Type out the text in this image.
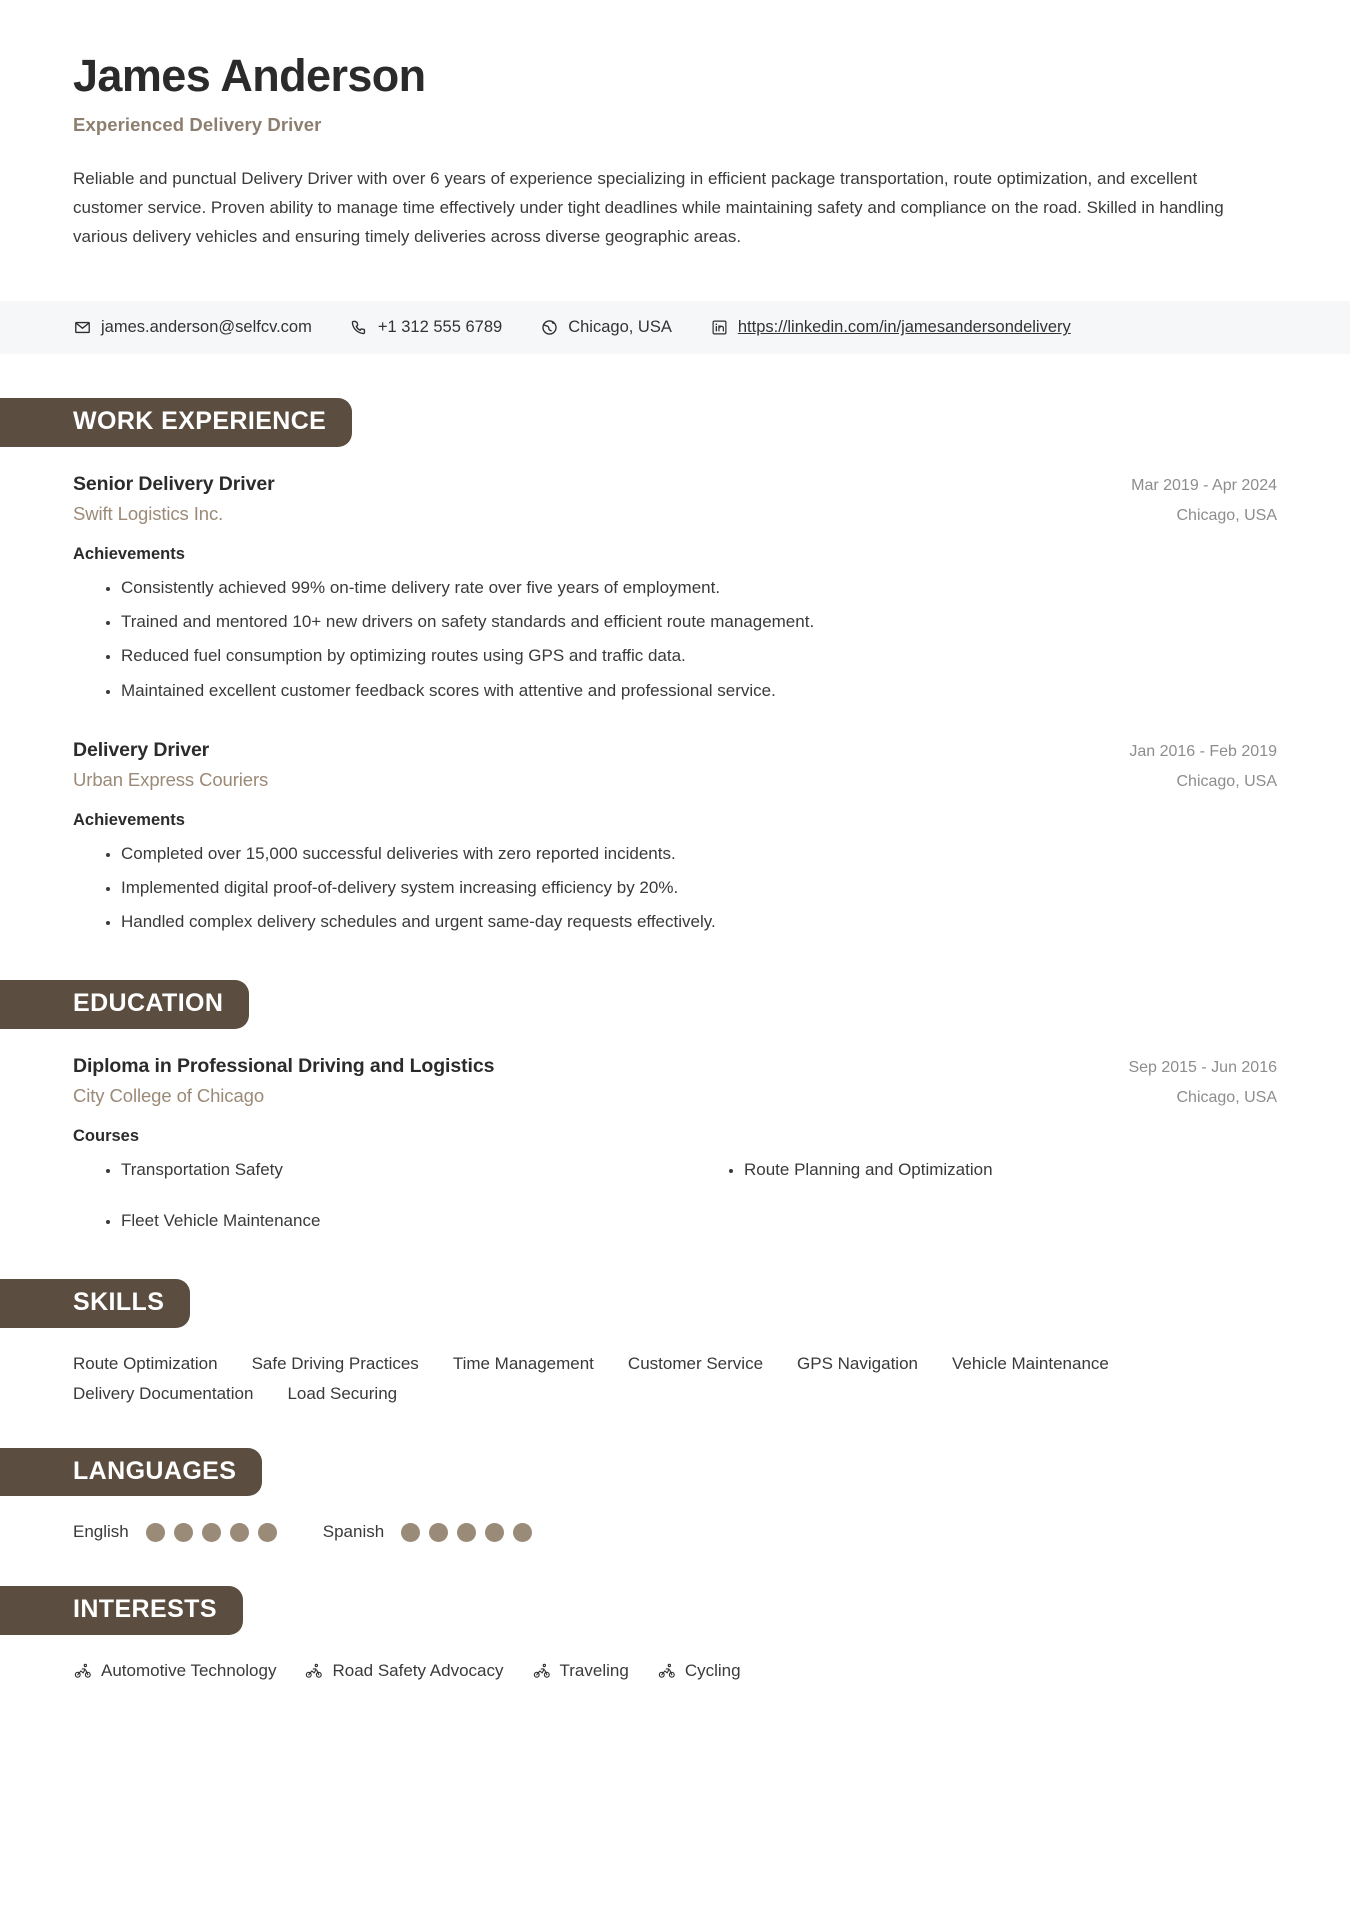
James Anderson
Experienced Delivery Driver

Reliable and punctual Delivery Driver with over 6 years of experience specializing in efficient package transportation, route optimization, and excellent customer service. Proven ability to manage time effectively under tight deadlines while maintaining safety and compliance on the road. Skilled in handling various delivery vehicles and ensuring timely deliveries across diverse geographic areas.

james.anderson@selfcv.com	+1 312 555 6789	Chicago, USA	https://linkedin.com/in/jamesandersondelivery
WORK EXPERIENCE
Senior Delivery Driver	Mar 2019 - Apr 2024
Swift Logistics Inc.	Chicago, USA
Achievements
• Consistently achieved 99% on-time delivery rate over five years of employment.
• Trained and mentored 10+ new drivers on safety standards and efficient route management.
• Reduced fuel consumption by optimizing routes using GPS and traffic data.
• Maintained excellent customer feedback scores with attentive and professional service.
Delivery Driver	Jan 2016 - Feb 2019
Urban Express Couriers	Chicago, USA
Achievements
• Completed over 15,000 successful deliveries with zero reported incidents.
• Implemented digital proof-of-delivery system increasing efficiency by 20%.
• Handled complex delivery schedules and urgent same-day requests effectively.
EDUCATION
Diploma in Professional Driving and Logistics	Sep 2015 - Jun 2016
City College of Chicago	Chicago, USA
Courses
• Transportation Safety
• Fleet Vehicle Maintenance
• Route Planning and Optimization
SKILLS
Route Optimization Safe Driving Practices Time Management Customer Service GPS Navigation Vehicle Maintenance
Delivery Documentation Load Securing
LANGUAGES
English	Spanish
INTERESTS
Automotive Technology	Road Safety Advocacy	Traveling	Cycling
